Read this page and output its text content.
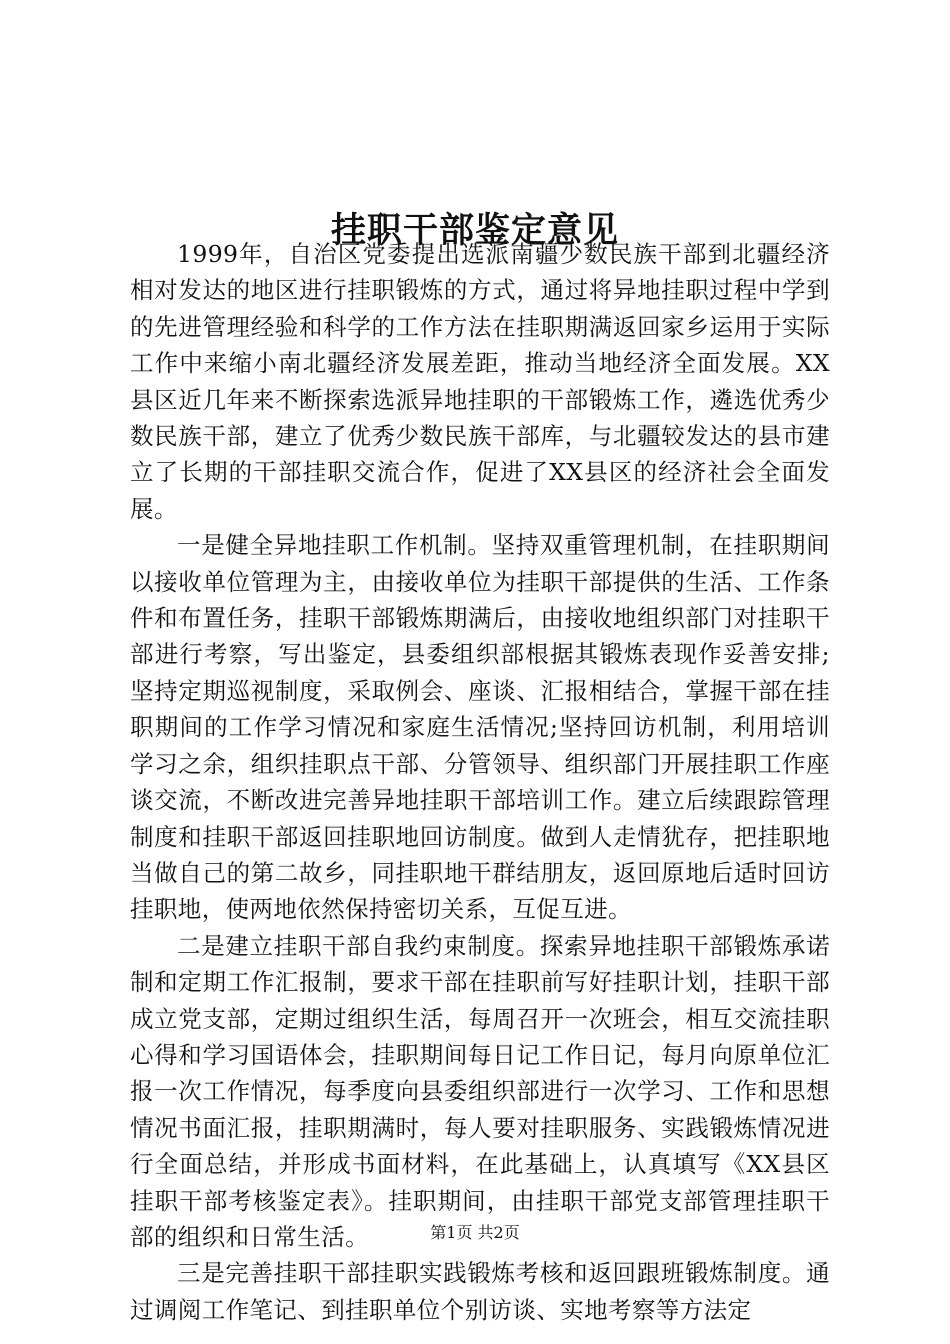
挂职干部鉴定意见

1999年，自治区党委提出选派南疆少数民族干部到北疆经济相对发达的地区进行挂职锻炼的方式，通过将异地挂职过程中学到的先进管理经验和科学的工作方法在挂职期满返回家乡运用于实际工作中来缩小南北疆经济发展差距，推动当地经济全面发展。XX县区近几年来不断探索选派异地挂职的干部锻炼工作，遴选优秀少数民族干部，建立了优秀少数民族干部库，与北疆较发达的县市建立了长期的干部挂职交流合作，促进了XX县区的经济社会全面发展。

一是健全异地挂职工作机制。坚持双重管理机制，在挂职期间以接收单位管理为主，由接收单位为挂职干部提供的生活、工作条件和布置任务，挂职干部锻炼期满后，由接收地组织部门对挂职干部进行考察，写出鉴定，县委组织部根据其锻炼表现作妥善安排;坚持定期巡视制度，采取例会、座谈、汇报相结合，掌握干部在挂职期间的工作学习情况和家庭生活情况;坚持回访机制，利用培训学习之余，组织挂职点干部、分管领导、组织部门开展挂职工作座谈交流，不断改进完善异地挂职干部培训工作。建立后续跟踪管理制度和挂职干部返回挂职地回访制度。做到人走情犹存，把挂职地当做自己的第二故乡，同挂职地干群结朋友，返回原地后适时回访挂职地，使两地依然保持密切关系，互促互进。

二是建立挂职干部自我约束制度。探索异地挂职干部锻炼承诺制和定期工作汇报制，要求干部在挂职前写好挂职计划，挂职干部成立党支部，定期过组织生活，每周召开一次班会，相互交流挂职心得和学习国语体会，挂职期间每日记工作日记，每月向原单位汇报一次工作情况，每季度向县委组织部进行一次学习、工作和思想情况书面汇报，挂职期满时，每人要对挂职服务、实践锻炼情况进行全面总结，并形成书面材料，在此基础上，认真填写《XX县区挂职干部考核鉴定表》。挂职期间，由挂职干部党支部管理挂职干部的组织和日常生活。

三是完善挂职干部挂职实践锻炼考核和返回跟班锻炼制度。通过调阅工作笔记、到挂职单位个别访谈、实地考察等方法定

第1页 共2页
